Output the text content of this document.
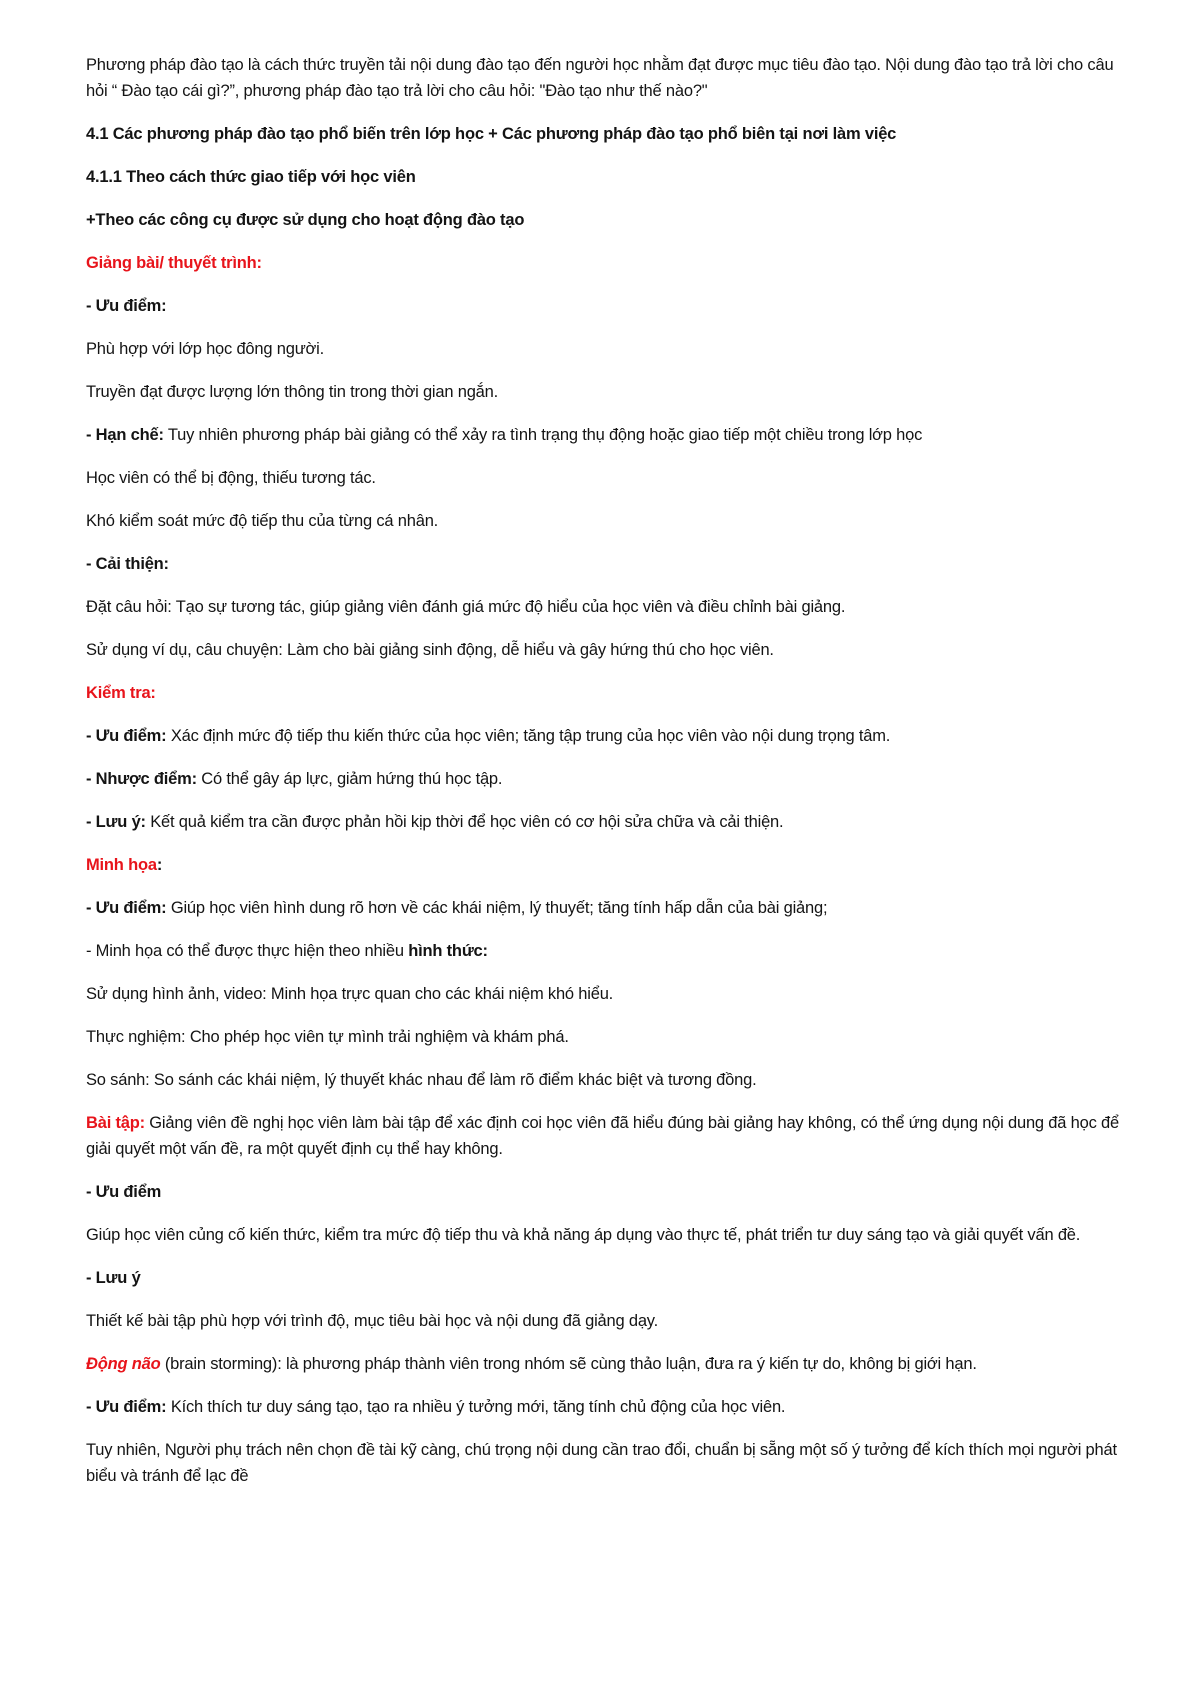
Phương pháp đào tạo là cách thức truyền tải nội dung đào tạo đến người học nhằm đạt được mục tiêu đào tạo. Nội dung đào tạo trả lời cho câu hỏi “ Đào tạo cái gì?”, phương pháp đào tạo trả lời cho câu hỏi: "Đào tạo như thế nào?"

4.1 Các phương pháp đào tạo phổ biến trên lớp học + Các phương pháp đào tạo phổ biên tại nơi làm việc

4.1.1 Theo cách thức giao tiếp với học viên

+Theo các công cụ được sử dụng cho hoạt động đào tạo

Giảng bài/ thuyết trình:

- Ưu điểm:

Phù hợp với lớp học đông người.

Truyền đạt được lượng lớn thông tin trong thời gian ngắn.

- Hạn chế: Tuy nhiên phương pháp bài giảng có thể xảy ra tình trạng thụ động hoặc giao tiếp một chiều trong lớp học

Học viên có thể bị động, thiếu tương tác.

Khó kiểm soát mức độ tiếp thu của từng cá nhân.

- Cải thiện:

Đặt câu hỏi: Tạo sự tương tác, giúp giảng viên đánh giá mức độ hiểu của học viên và điều chỉnh bài giảng.

Sử dụng ví dụ, câu chuyện: Làm cho bài giảng sinh động, dễ hiểu và gây hứng thú cho học viên.

Kiểm tra:

- Ưu điểm: Xác định mức độ tiếp thu kiến thức của học viên; tăng tập trung của học viên vào nội dung trọng tâm.

- Nhược điểm: Có thể gây áp lực, giảm hứng thú học tập.

- Lưu ý: Kết quả kiểm tra cần được phản hồi kịp thời để học viên có cơ hội sửa chữa và cải thiện.

Minh họa:

- Ưu điểm: Giúp học viên hình dung rõ hơn về các khái niệm, lý thuyết; tăng tính hấp dẫn của bài giảng;

- Minh họa có thể được thực hiện theo nhiều hình thức:

Sử dụng hình ảnh, video: Minh họa trực quan cho các khái niệm khó hiểu.

Thực nghiệm: Cho phép học viên tự mình trải nghiệm và khám phá.

So sánh: So sánh các khái niệm, lý thuyết khác nhau để làm rõ điểm khác biệt và tương đồng.

Bài tập: Giảng viên đề nghị học viên làm bài tập để xác định coi học viên đã hiểu đúng bài giảng hay không, có thể ứng dụng nội dung đã học để giải quyết một vấn đề, ra một quyết định cụ thể hay không.

- Ưu điểm

Giúp học viên củng cố kiến thức, kiểm tra mức độ tiếp thu và khả năng áp dụng vào thực tế, phát triển tư duy sáng tạo và giải quyết vấn đề.

- Lưu ý

Thiết kế bài tập phù hợp với trình độ, mục tiêu bài học và nội dung đã giảng dạy.

Động não (brain storming): là phương pháp thành viên trong nhóm sẽ cùng thảo luận, đưa ra ý kiến tự do, không bị giới hạn.

- Ưu điểm: Kích thích tư duy sáng tạo, tạo ra nhiều ý tưởng mới, tăng tính chủ động của học viên.

Tuy nhiên, Người phụ trách nên chọn đề tài kỹ càng, chú trọng nội dung cần trao đổi, chuẩn bị sẵng một số ý tưởng để kích thích mọi người phát biểu và tránh để lạc đề
